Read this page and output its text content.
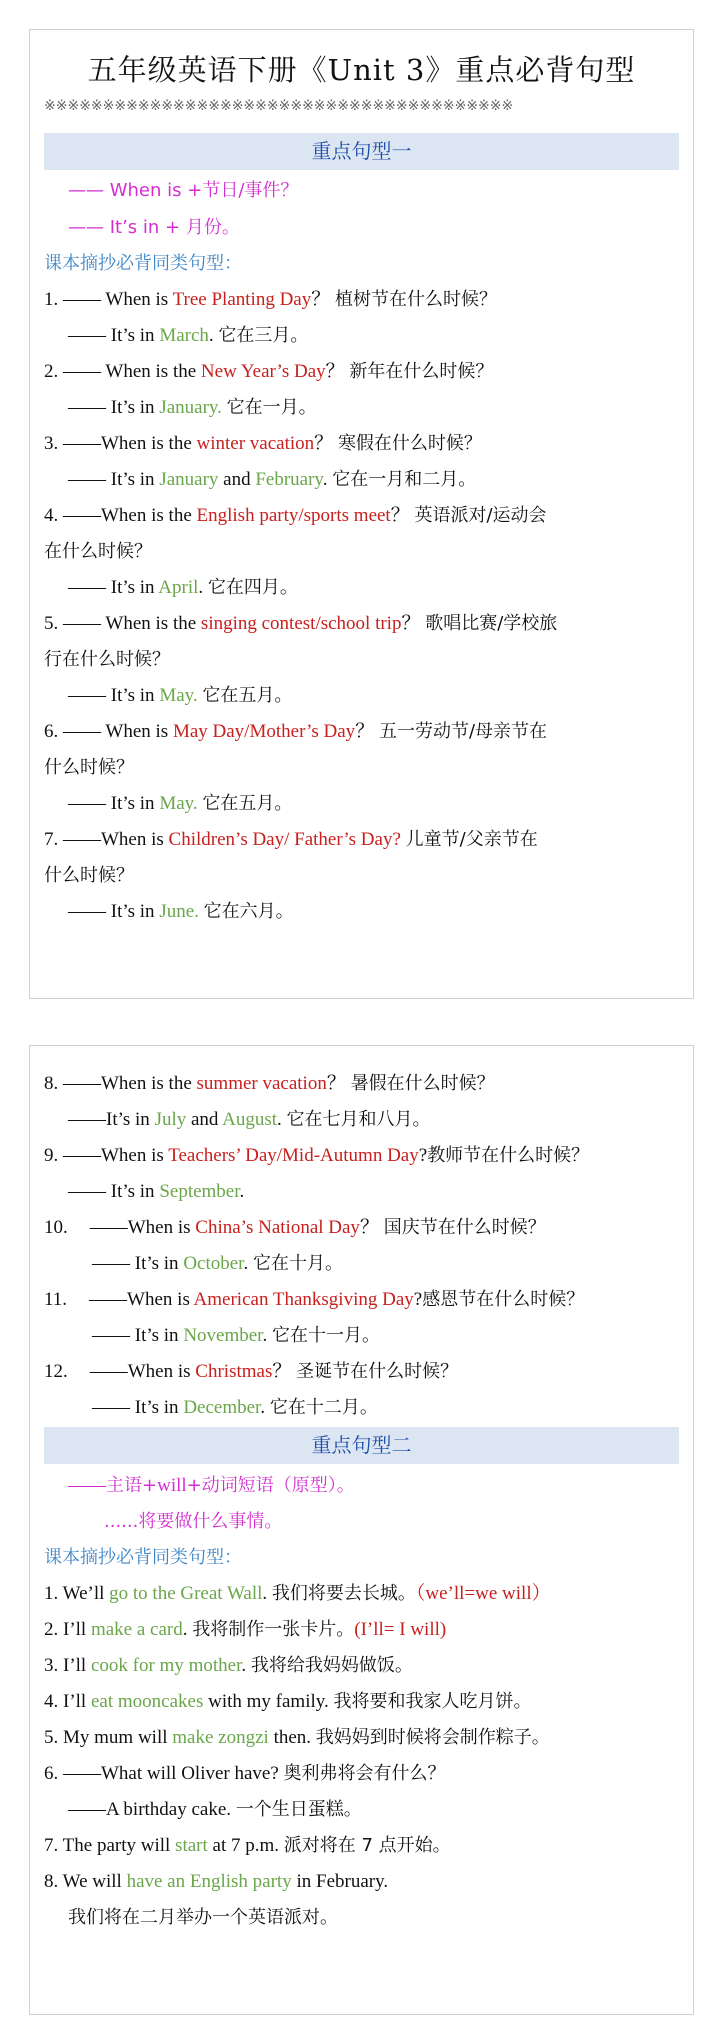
五年级英语下册《Unit 3》重点必背句型
※※※※※※※※※※※※※※※※※※※※※※※※※※※※※※※※※※※※※※※※
重点句型一
—— When is +节日/事件？
—— It’s in + 月份。
课本摘抄必背同类句型：
1. —— When is Tree Planting Day？ 植树节在什么时候？
—— It’s in March. 它在三月。
2. —— When is the New Year’s Day？ 新年在什么时候？
—— It’s in January. 它在一月。
3. ——When is the winter vacation？ 寒假在什么时候？
—— It’s in January and February. 它在一月和二月。
4. ——When is the English party/sports meet？ 英语派对/运动会
在什么时候？
—— It’s in April. 它在四月。
5. —— When is the singing contest/school trip？ 歌唱比赛/学校旅
行在什么时候？
—— It’s in May. 它在五月。
6. —— When is May Day/Mother’s Day？ 五一劳动节/母亲节在
什么时候？
—— It’s in May. 它在五月。
7. ——When is Children’s Day/ Father’s Day? 儿童节/父亲节在
什么时候？
—— It’s in June. 它在六月。
8. ——When is the summer vacation？ 暑假在什么时候？
——It’s in July and August. 它在七月和八月。
9. ——When is Teachers’ Day/Mid-Autumn Day?教师节在什么时候？
—— It’s in September.
10. ——When is China’s National Day？ 国庆节在什么时候？
—— It’s in October. 它在十月。
11. ——When is American Thanksgiving Day?感恩节在什么时候？
—— It’s in November. 它在十一月。
12. ——When is Christmas？ 圣诞节在什么时候？
—— It’s in December. 它在十二月。
重点句型二
——主语+will+动词短语（原型）。
......将要做什么事情。
课本摘抄必背同类句型：
1. We’ll go to the Great Wall. 我们将要去长城。（we’ll=we will）
2. I’ll make a card. 我将制作一张卡片。(I’ll= I will)
3. I’ll cook for my mother. 我将给我妈妈做饭。
4. I’ll eat mooncakes with my family. 我将要和我家人吃月饼。
5. My mum will make zongzi then. 我妈妈到时候将会制作粽子。
6. ——What will Oliver have? 奥利弗将会有什么？
——A birthday cake. 一个生日蛋糕。
7. The party will start at 7 p.m. 派对将在 7 点开始。
8. We will have an English party in February.
我们将在二月举办一个英语派对。
